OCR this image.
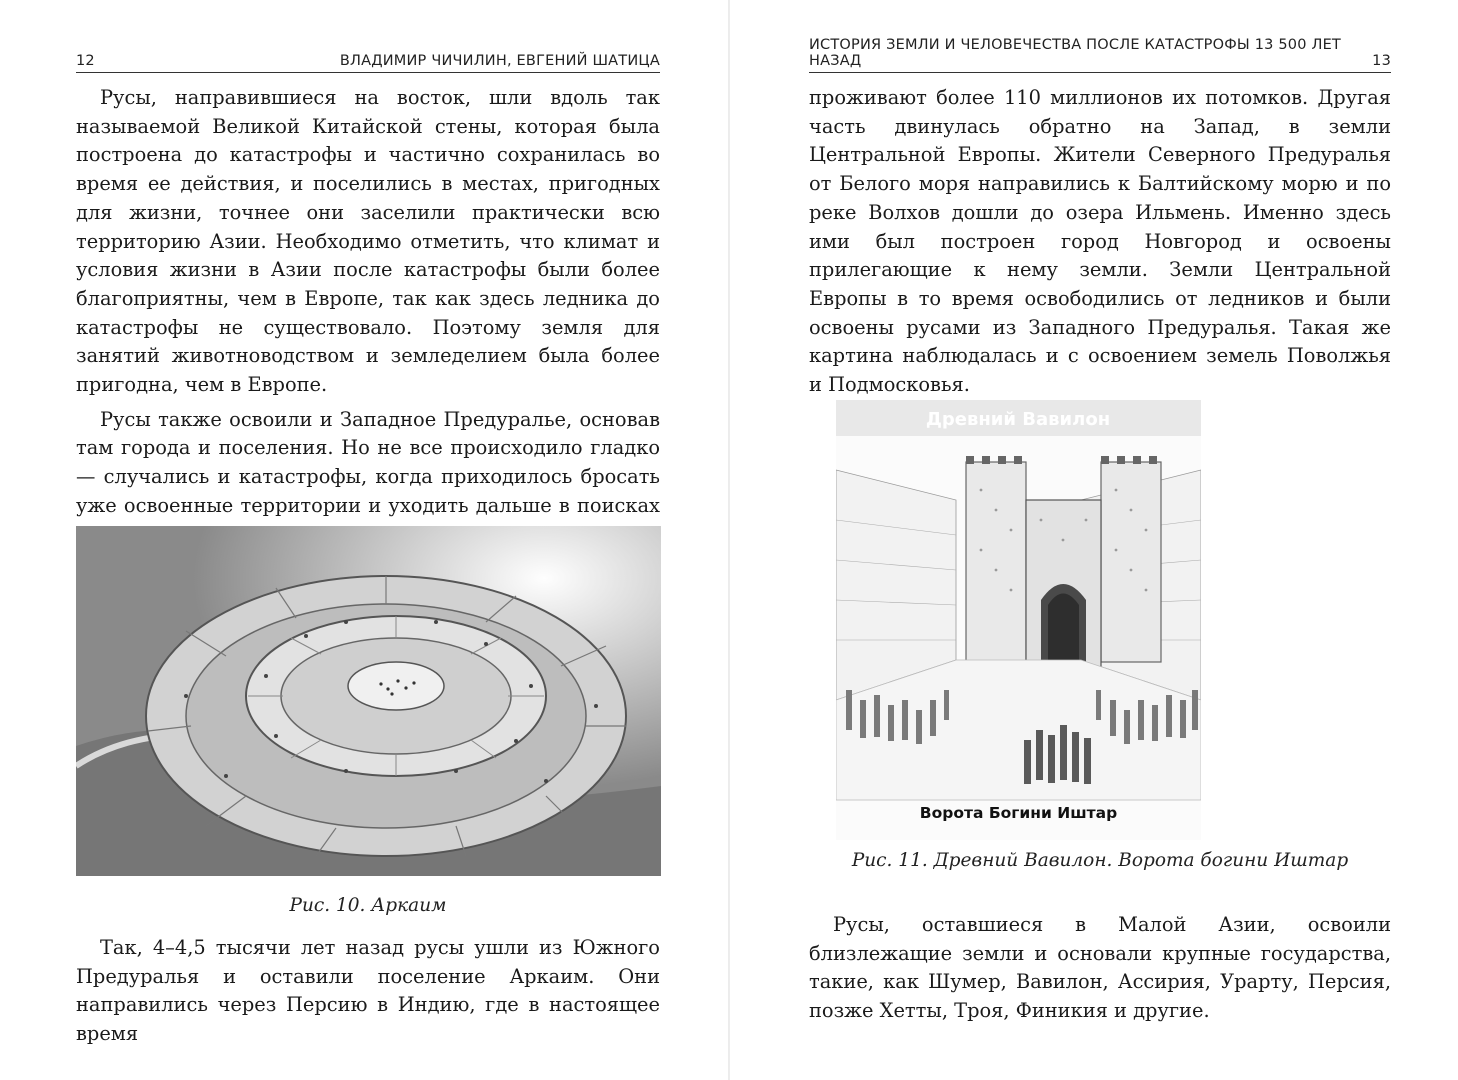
12	ВЛАДИМИР ЧИЧИЛИН, ЕВГЕНИЙ ШАТИЦА

Русы, направившиеся на восток, шли вдоль так называемой Великой Китайской стены, которая была построена до катастрофы и частично сохранилась во время ее действия, и поселились в местах, пригодных для жизни, точнее они заселили практически всю территорию Азии. Необходимо отметить, что климат и условия жизни в Азии после катастрофы были более благоприятны, чем в Европе, так как здесь ледника до катастрофы не существовало. Поэтому земля для занятий животноводством и земледелием была более пригодна, чем в Европе.

Русы также освоили и Западное Предуралье, основав там города и поселения. Но не все происходило гладко — случались и катастрофы, когда приходилось бросать уже освоенные территории и уходить дальше в поисках

Рис. 10. Аркаим

Так, 4–4,5 тысячи лет назад русы ушли из Южного Предуралья и оставили поселение Аркаим. Они направились через Персию в Индию, где в настоящее время

ИСТОРИЯ ЗЕМЛИ И ЧЕЛОВЕЧЕСТВА ПОСЛЕ КАТАСТРОФЫ 13 500 ЛЕТ НАЗАД	13

проживают более 110 миллионов их потомков. Другая часть двинулась обратно на Запад, в земли Центральной Европы. Жители Северного Предуралья от Белого моря направились к Балтийскому морю и по реке Волхов дошли до озера Ильмень. Именно здесь ими был построен город Новгород и освоены прилегающие к нему земли. Земли Центральной Европы в то время освободились от ледников и были освоены русами из Западного Предуралья. Такая же картина наблюдалась и с освоением земель Поволжья и Подмосковья.

Древний Вавилон
Ворота Богини Иштар
Рис. 11. Древний Вавилон. Ворота богини Иштар

Русы, оставшиеся в Малой Азии, освоили близлежащие земли и основали крупные государства, такие, как Шумер, Вавилон, Ассирия, Урарту, Персия, позже Хетты, Троя, Финикия и другие.
